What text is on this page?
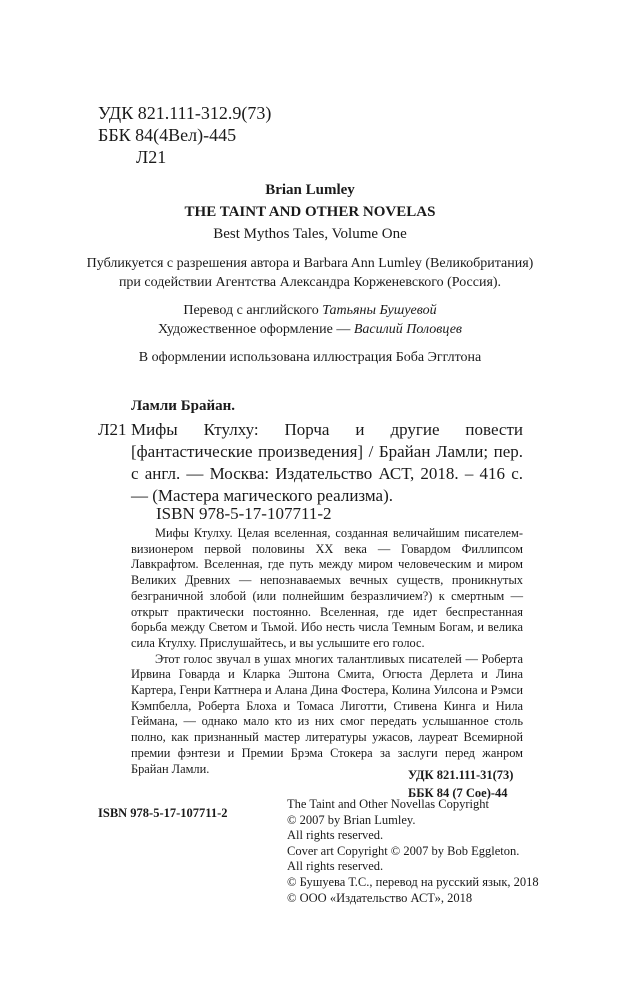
УДК 821.111-312.9(73)
ББК 84(4Вел)-445
Л21
Brian Lumley
THE TAINT AND OTHER NOVELAS
Best Mythos Tales, Volume One
Публикуется с разрешения автора и Barbara Ann Lumley (Великобритания)
при содействии Агентства Александра Корженевского (Россия).
Перевод с английского Татьяны Бушуевой
Художественное оформление — Василий Половцев
В оформлении использована иллюстрация Боба Эгглтона
Ламли Брайан.
Л21 Мифы Ктулху: Порча и другие повести [фантастические произведения] / Брайан Ламли; пер. с англ. — Москва: Издательство АСТ, 2018. – 416 с. — (Мастера магического реализма).
ISBN 978-5-17-107711-2

Мифы Ктулху. Целая вселенная, созданная величайшим писателем-визионером первой половины XX века — Говардом Филлипсом Лавкрафтом. Вселенная, где путь между миром человеческим и миром Великих Древних — непознаваемых вечных существ, проникнутых безграничной злобой (или полнейшим безразличием?) к смертным — открыт практически постоянно. Вселенная, где идет беспрестанная борьба между Светом и Тьмой. Ибо несть числа Темным Богам, и велика сила Ктулху. Прислушайтесь, и вы услышите его голос.

Этот голос звучал в ушах многих талантливых писателей — Роберта Ирвина Говарда и Кларка Эштона Смита, Огюста Дерлета и Лина Картера, Генри Каттнера и Алана Дина Фостера, Колина Уилсона и Рэмси Кэмпбелла, Роберта Блоха и Томаса Лиготти, Стивена Кинга и Нила Геймана, — однако мало кто из них смог передать услышанное столь полно, как признанный мастер литературы ужасов, лауреат Всемирной премии фэнтези и Премии Брэма Стокера за заслуги перед жанром Брайан Ламли.	УДК 821.111-31(73)
ББК 84 (7 Сое)-44
ISBN 978-5-17-107711-2
The Taint and Other Novellas Copyright
© 2007 by Brian Lumley.
All rights reserved.
Cover art Copyright © 2007 by Bob Eggleton.
All rights reserved.
© Бушуева Т.С., перевод на русский язык, 2018
© ООО «Издательство АСТ», 2018
